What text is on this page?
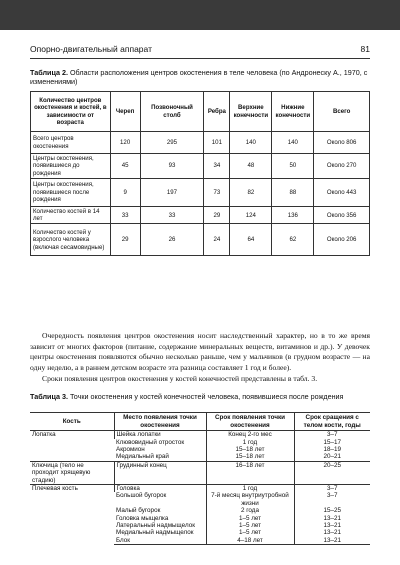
Опорно-двигательный аппарат	81
Таблица 2. Области расположения центров окостенения в теле человека (по Андронеску А., 1970, с изменениями)
Количество центров окостенения и костей, в зависимости от возраста	Череп	Позвоночный столб	Ребра	Верхние конечности	Нижние конечности	Всего
Всего центров окостенения	120	295	101	140	140	Около 806
Центры окостенения, появившиеся до рождения	45	93	34	48	50	Около 270
Центры окостенения, появившиеся после рождения	9	197	73	82	88	Около 443
Количество костей в 14 лет	33	33	29	124	136	Около 356
Количество костей у взрослого человека (включая сесамовидные)	29	26	24	64	62	Около 206
Очередность появления центров окостенения носит наследственный характер, но в то же время зависит от многих факторов (питание, содержание минеральных веществ, витаминов и др.). У девочек центры окостенения появляются обычно несколько раньше, чем у мальчиков (в грудном возрасте — на одну неделю, а в раннем детском возрасте эта разница составляет 1 год и более).
Сроки появления центров окостенения у костей конечностей представлены в табл. 3.
Таблица 3. Точки окостенения у костей конечностей человека, появившиеся после рождения
Кость	Место появления точки окостенения	Срок появления точки окостенения	Срок сращения с телом кости, годы
Лопатка	Шейка лопатки	Конец 2-го мес	3–7
	Клювовидный отросток	1 год	15–17
	Акромион	15–18 лет	18–19
	Медиальный край	15–18 лет	20–21
Ключица (тело не проходит хрящевую стадию)	Грудинный конец	16–18 лет	20–25
Плечевая кость	Головка	1 год	3–7
	Большой бугорок	7-й месяц внутриутробной жизни	3–7
	Малый бугорок	2 года	15–25
	Головка мыщелка	1–5 лет	13–21
	Латеральный надмыщелок	1–5 лет	13–21
	Медиальный надмыщелок	1–5 лет	13–21
	Блок	4–18 лет	13–21
